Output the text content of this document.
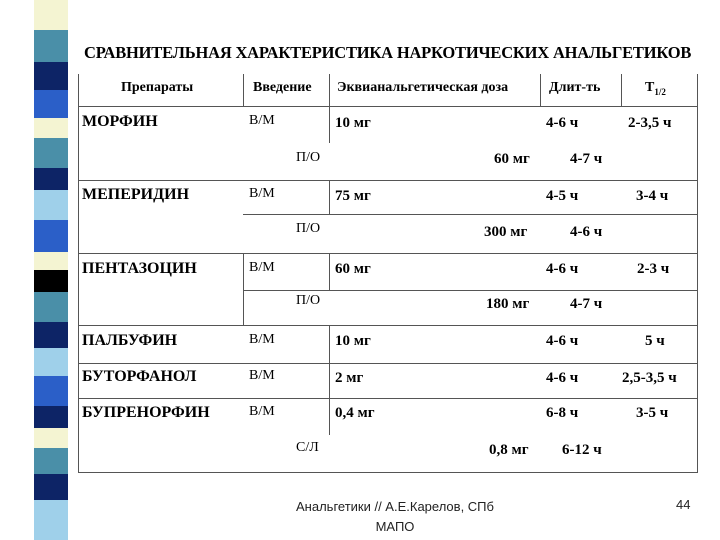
СРАВНИТЕЛЬНАЯ ХАРАКТЕРИСТИКА НАРКОТИЧЕСКИХ АНАЛЬГЕТИКОВ
Препараты	Введение Эквианальгетическая доза	Длит-ть	$T_{1/2}$
МОРФИН	В/М	10 мг	4-6 ч	2-3,5 ч
П/О	60 мг	4-7 ч
МЕПЕРИДИН	В/М	75 мг	4-5 ч	3-4 ч
П/О	300 мг	4-6 ч
ПЕНТАЗОЦИН	В/М	60 мг	4-6 ч	2-3 ч
П/О	180 мг	4-7 ч
ПАЛБУФИН	В/М	10 мг	4-6 ч	5 ч
БУТОРФАНОЛ	В/М	2 мг	4-6 ч	2,5-3,5 ч
БУПРЕНОРФИН	В/М	0,4 мг	6-8 ч	3-5 ч
С/Л	0,8 мг 6-12 ч
Анальгетики // А.Е.Карелов, СПб
МАПО
44
